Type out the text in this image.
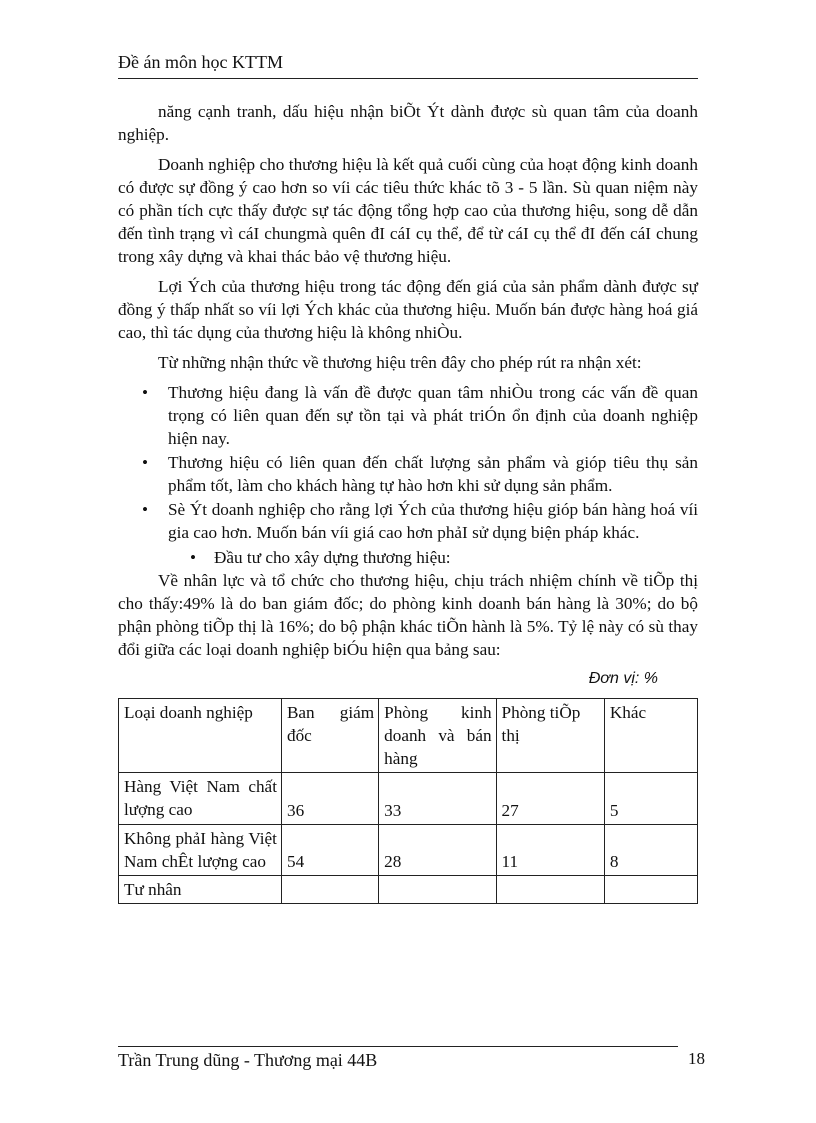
Đề án môn học KTTM

năng cạnh tranh, dấu hiệu nhận biÕt Ýt dành được sù quan tâm của doanh nghiệp.

Doanh nghiệp cho thương hiệu là kết quả cuối cùng của hoạt động kinh doanh có được sự đồng ý cao hơn so víi các tiêu thức khác tõ 3 - 5 lần. Sù quan niệm này có phần tích cực thấy được sự tác động tổng hợp cao của thương hiệu, song dễ dẫn đến tình trạng vì cáI chungmà quên đI cáI cụ thể, để từ cáI cụ thể đI đến cáI chung trong xây dựng và khai thác bảo vệ thương hiệu.

Lợi Ých của thương hiệu trong tác động đến giá của sản phẩm dành được sự đồng ý thấp nhất so víi lợi Ých khác của thương hiệu. Muốn bán được hàng hoá giá cao, thì tác dụng của thương hiệu là không nhiÒu.

Từ những nhận thức về thương hiệu trên đây cho phép rút ra nhận xét:

• Thương hiệu đang là vấn đề được quan tâm nhiÒu trong các vấn đề quan trọng có liên quan đến sự tồn tại và phát triÓn ổn định của doanh nghiệp hiện nay.
• Thương hiệu có liên quan đến chất lượng sản phẩm và gióp tiêu thụ sản phẩm tốt, làm cho khách hàng tự hào hơn khi sử dụng sản phẩm.
• Sè Ýt doanh nghiệp cho rằng lợi Ých của thương hiệu gióp bán hàng hoá víi gia cao hơn. Muốn bán víi giá cao hơn phảI sử dụng biện pháp khác.
• Đầu tư cho xây dựng thương hiệu:

Về nhân lực và tổ chức cho thương hiệu, chịu trách nhiệm chính về tiÕp thị cho thấy:49% là do ban giám đốc; do phòng kinh doanh bán hàng là 30%; do bộ phận phòng tiÕp thị là 16%; do bộ phận khác tiÕn hành là 5%. Tỷ lệ này có sù thay đổi giữa các loại doanh nghiệp biÓu hiện qua bảng sau:

Đơn vị: %
Loại doanh nghiệp	Ban giám đốc	Phòng kinh doanh và bán hàng	Phòng tiÕp thị	Khác
Hàng Việt Nam chất lượng cao	36	33	27	5
Không phảI hàng Việt Nam chÊt lượng cao	54	28	11	8
Tư nhân				
Trần Trung dũng - Thương mại 44B	18
